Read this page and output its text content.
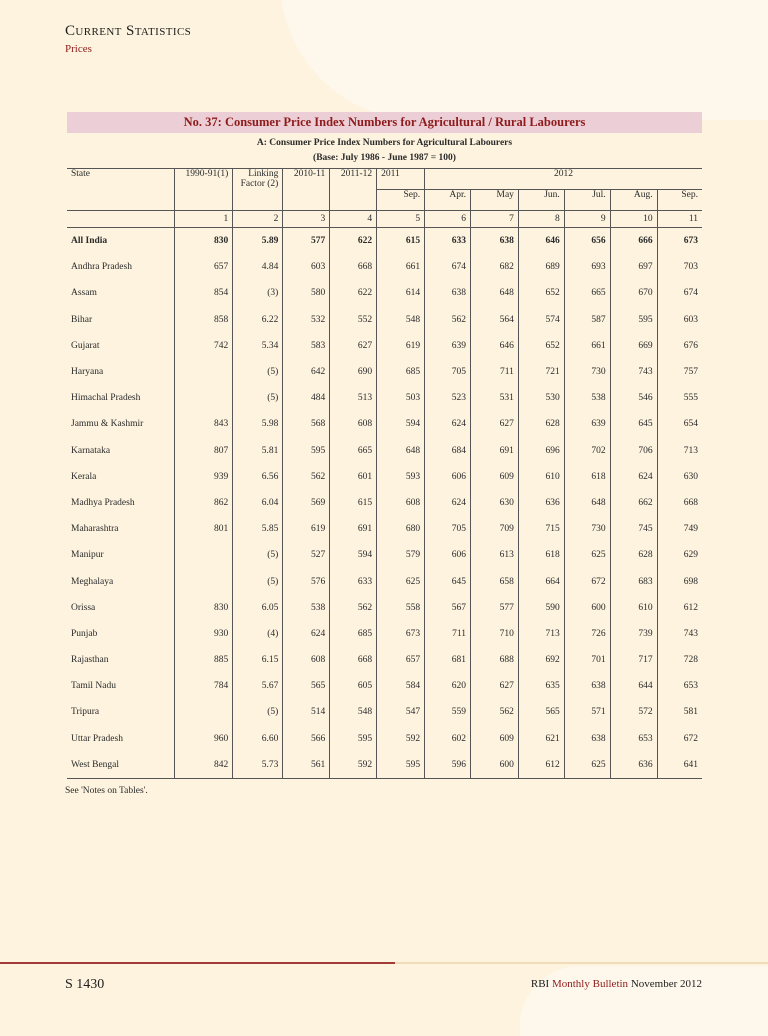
Current Statistics
Prices
No. 37: Consumer Price Index Numbers for Agricultural / Rural Labourers
A: Consumer Price Index Numbers for Agricultural Labourers
(Base: July 1986 - June 1987 = 100)
State	1990-91(1)	Linking Factor (2)	2010-11	2011-12	2011	2012					
					Sep.	Apr.	May	Jun.	Jul.	Aug.	Sep.
	1	2	3	4	5	6	7	8	9	10	11
All India	830	5.89	577	622	615	633	638	646	656	666	673
Andhra Pradesh	657	4.84	603	668	661	674	682	689	693	697	703
Assam	854	(3)	580	622	614	638	648	652	665	670	674
Bihar	858	6.22	532	552	548	562	564	574	587	595	603
Gujarat	742	5.34	583	627	619	639	646	652	661	669	676
Haryana		(5)	642	690	685	705	711	721	730	743	757
Himachal Pradesh		(5)	484	513	503	523	531	530	538	546	555
Jammu & Kashmir	843	5.98	568	608	594	624	627	628	639	645	654
Karnataka	807	5.81	595	665	648	684	691	696	702	706	713
Kerala	939	6.56	562	601	593	606	609	610	618	624	630
Madhya Pradesh	862	6.04	569	615	608	624	630	636	648	662	668
Maharashtra	801	5.85	619	691	680	705	709	715	730	745	749
Manipur		(5)	527	594	579	606	613	618	625	628	629
Meghalaya		(5)	576	633	625	645	658	664	672	683	698
Orissa	830	6.05	538	562	558	567	577	590	600	610	612
Punjab	930	(4)	624	685	673	711	710	713	726	739	743
Rajasthan	885	6.15	608	668	657	681	688	692	701	717	728
Tamil Nadu	784	5.67	565	605	584	620	627	635	638	644	653
Tripura		(5)	514	548	547	559	562	565	571	572	581
Uttar Pradesh	960	6.60	566	595	592	602	609	621	638	653	672
West Bengal	842	5.73	561	592	595	596	600	612	625	636	641
See 'Notes on Tables'.
S 1430	RBI Monthly Bulletin November 2012
